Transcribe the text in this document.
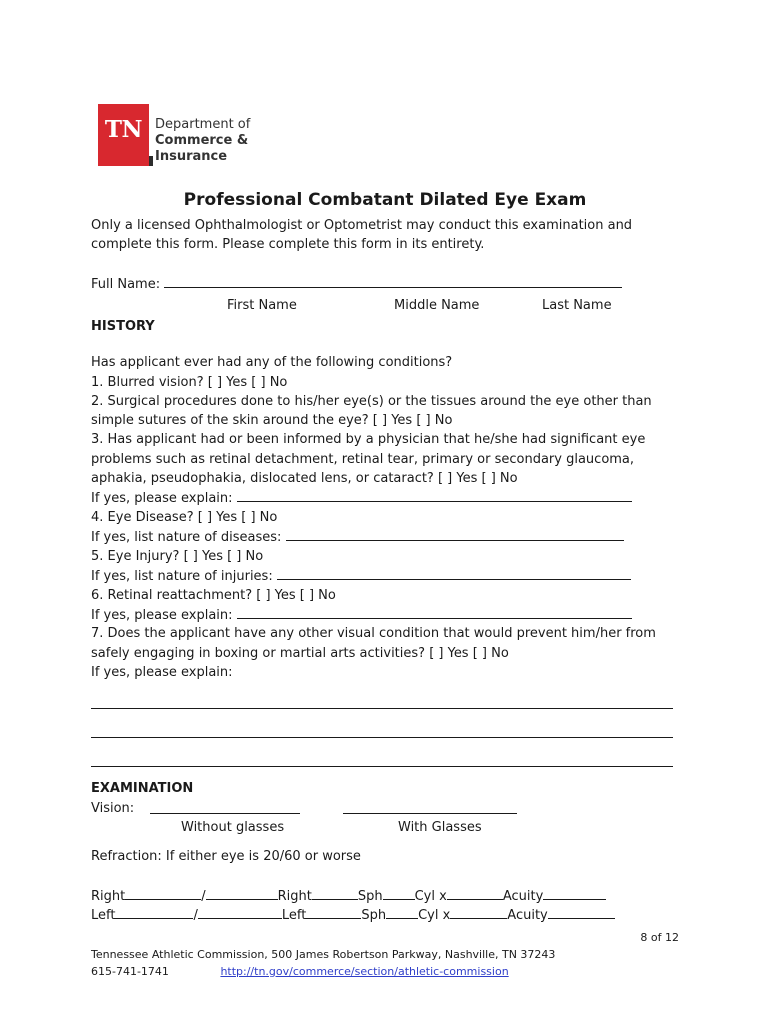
TN Department of
Commerce &
Insurance
Professional Combatant Dilated Eye Exam
Only a licensed Ophthalmologist or Optometrist may conduct this examination and
complete this form. Please complete this form in its entirety.
Full Name:
First Name	Middle Name	Last Name
HISTORY
Has applicant ever had any of the following conditions?
1. Blurred vision? [ ] Yes [ ] No
2. Surgical procedures done to his/her eye(s) or the tissues around the eye other than
simple sutures of the skin around the eye? [ ] Yes [ ] No
3. Has applicant had or been informed by a physician that he/she had significant eye
problems such as retinal detachment, retinal tear, primary or secondary glaucoma,
aphakia, pseudophakia, dislocated lens, or cataract? [ ] Yes [ ] No
If yes, please explain:
4. Eye Disease? [ ] Yes [ ] No
If yes, list nature of diseases:
5. Eye Injury? [ ] Yes [ ] No
If yes, list nature of injuries:
6. Retinal reattachment? [ ] Yes [ ] No
If yes, please explain:
7. Does the applicant have any other visual condition that would prevent him/her from
safely engaging in boxing or martial arts activities? [ ] Yes [ ] No
If yes, please explain:
EXAMINATION
Vision:
Without glasses	With Glasses
Refraction: If either eye is 20/60 or worse
Right	/	Right	Sph Cyl x	Acuity
Left	/	Left	Sph Cyl x	Acuity
8 of 12
Tennessee Athletic Commission, 500 James Robertson Parkway, Nashville, TN 37243
615-741-1741	http://tn.gov/commerce/section/athletic-commission
